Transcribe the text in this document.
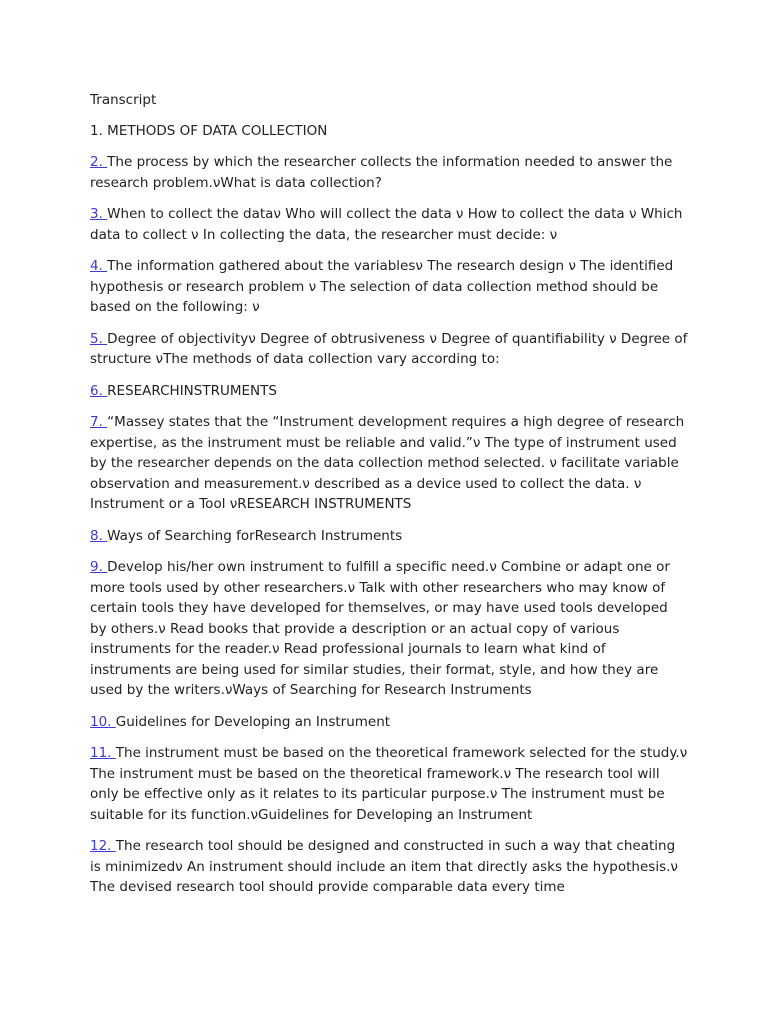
Transcript

1. METHODS OF DATA COLLECTION

2. The process by which the researcher collects the information needed to answer the research problem.νWhat is data collection?

3. When to collect the dataν Who will collect the data ν How to collect the data ν Which data to collect ν In collecting the data, the researcher must decide: ν

4. The information gathered about the variablesν The research design ν The identified hypothesis or research problem ν The selection of data collection method should be based on the following: ν

5. Degree of objectivityν Degree of obtrusiveness ν Degree of quantifiability ν Degree of structure νThe methods of data collection vary according to:

6. RESEARCHINSTRUMENTS

7. “Massey states that the “Instrument development requires a high degree of research expertise, as the instrument must be reliable and valid.”ν The type of instrument used by the researcher depends on the data collection method selected. ν facilitate variable observation and measurement.ν described as a device used to collect the data. ν Instrument or a Tool νRESEARCH INSTRUMENTS

8. Ways of Searching forResearch Instruments

9. Develop his/her own instrument to fulfill a specific need.ν Combine or adapt one or more tools used by other researchers.ν Talk with other researchers who may know of certain tools they have developed for themselves, or may have used tools developed by others.ν Read books that provide a description or an actual copy of various instruments for the reader.ν Read professional journals to learn what kind of instruments are being used for similar studies, their format, style, and how they are used by the writers.νWays of Searching for Research Instruments

10. Guidelines for Developing an Instrument

11. The instrument must be based on the theoretical framework selected for the study.ν The instrument must be based on the theoretical framework.ν The research tool will only be effective only as it relates to its particular purpose.ν The instrument must be suitable for its function.νGuidelines for Developing an Instrument

12. The research tool should be designed and constructed in such a way that cheating is minimizedν An instrument should include an item that directly asks the hypothesis.ν The devised research tool should provide comparable data every time
